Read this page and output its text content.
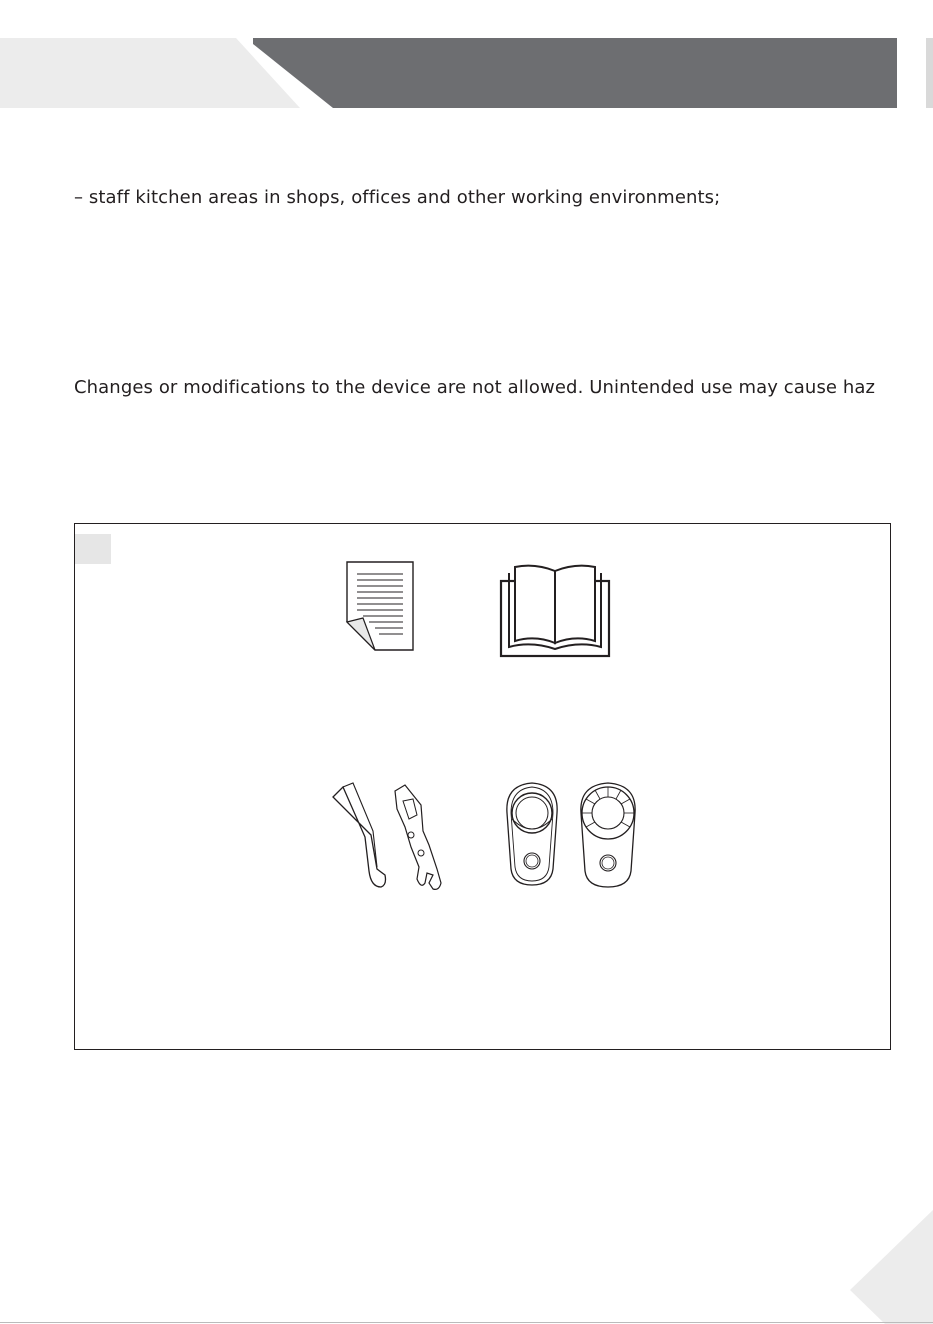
– staff kitchen areas in shops, offices and other working environments;
Changes or modifications to the device are not allowed. Unintended use may cause haz
